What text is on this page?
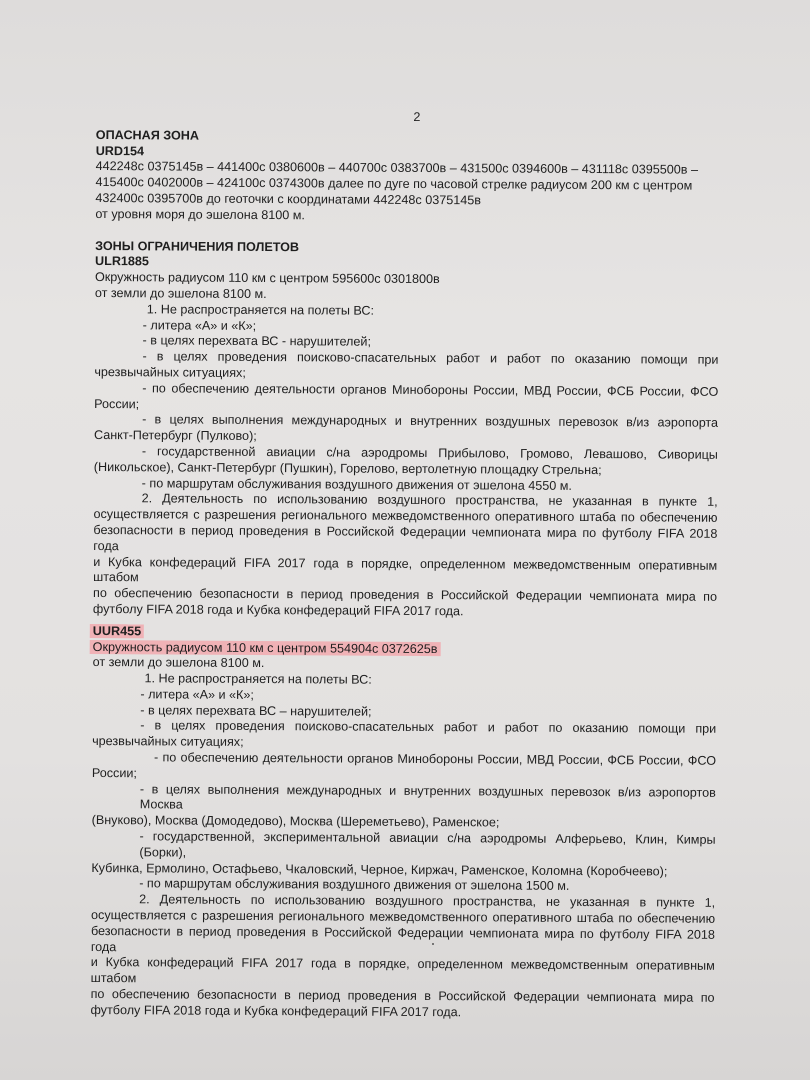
2
ОПАСНАЯ ЗОНА
URD154
442248с 0375145в – 441400с 0380600в – 440700с 0383700в – 431500с 0394600в – 431118с 0395500в –
415400с 0402000в – 424100с 0374300в далее по дуге по часовой стрелке радиусом 200 км с центром
432400с 0395700в до геоточки с координатами 442248с 0375145в
от уровня моря до эшелона 8100 м.
ЗОНЫ ОГРАНИЧЕНИЯ ПОЛЕТОВ
ULR1885
Окружность радиусом 110 км с центром 595600с 0301800в
от земли до эшелона 8100 м.
1. Не распространяется на полеты ВС:
- литера «А» и «К»;
- в целях перехвата ВС - нарушителей;
- в целях проведения поисково-спасательных работ и работ по оказанию помощи при
чрезвычайных ситуациях;
- по обеспечению деятельности органов Минобороны России, МВД России, ФСБ России, ФСО
России;
- в целях выполнения международных и внутренних воздушных перевозок в/из аэропорта
Санкт-Петербург (Пулково);
- государственной авиации с/на аэродромы Прибылово, Громово, Левашово, Сиворицы
(Никольское), Санкт-Петербург (Пушкин), Горелово, вертолетную площадку Стрельна;
- по маршрутам обслуживания воздушного движения от эшелона 4550 м.
2. Деятельность по использованию воздушного пространства, не указанная в пункте 1,
осуществляется с разрешения регионального межведомственного оперативного штаба по обеспечению
безопасности в период проведения в Российской Федерации чемпионата мира по футболу FIFA 2018 года
и Кубка конфедераций FIFA 2017 года в порядке, определенном межведомственным оперативным штабом
по обеспечению безопасности в период проведения в Российской Федерации чемпионата мира по
футболу FIFA 2018 года и Кубка конфедераций FIFA 2017 года.
UUR455
Окружность радиусом 110 км с центром 554904с 0372625в
от земли до эшелона 8100 м.
1. Не распространяется на полеты ВС:
- литера «А» и «К»;
- в целях перехвата ВС – нарушителей;
- в целях проведения поисково-спасательных работ и работ по оказанию помощи при
чрезвычайных ситуациях;
- по обеспечению деятельности органов Минобороны России, МВД России, ФСБ России, ФСО
России;
- в целях выполнения международных и внутренних воздушных перевозок в/из аэропортов Москва
(Внуково), Москва (Домодедово), Москва (Шереметьево), Раменское;
- государственной, экспериментальной авиации с/на аэродромы Алферьево, Клин, Кимры (Борки),
Кубинка, Ермолино, Остафьево, Чкаловский, Черное, Киржач, Раменское, Коломна (Коробчеево);
- по маршрутам обслуживания воздушного движения от эшелона 1500 м.
2. Деятельность по использованию воздушного пространства, не указанная в пункте 1,
осуществляется с разрешения регионального межведомственного оперативного штаба по обеспечению
безопасности в период проведения в Российской Федерации чемпионата мира по футболу FIFA 2018 года
и Кубка конфедераций FIFA 2017 года в порядке, определенном межведомственным оперативным штабом
по обеспечению безопасности в период проведения в Российской Федерации чемпионата мира по
футболу FIFA 2018 года и Кубка конфедераций FIFA 2017 года.
